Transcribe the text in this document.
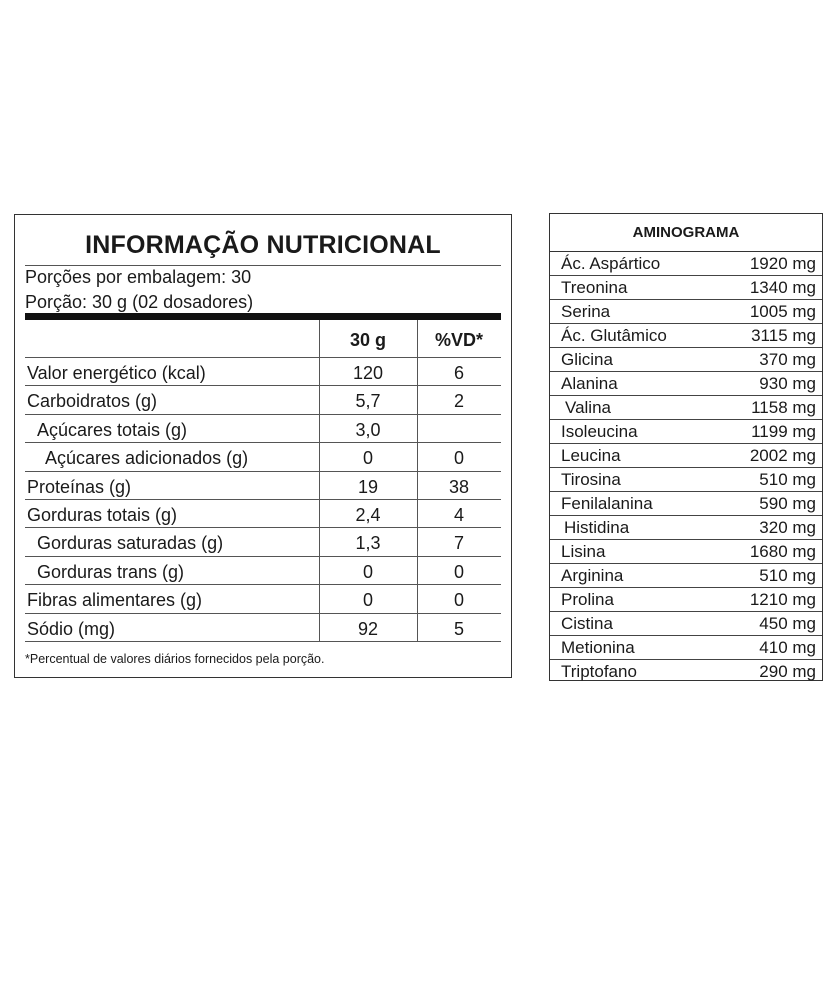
INFORMAÇÃO NUTRICIONAL
Porções por embalagem: 30
Porção: 30 g (02 dosadores)
30 g	%VD*
Valor energético (kcal)	120	6
Carboidratos (g)	5,7	2
Açúcares totais (g)	3,0
Açúcares adicionados (g)	0	0
Proteínas (g)	19	38
Gorduras totais (g)	2,4	4
Gorduras saturadas (g)	1,3	7
Gorduras trans (g)	0	0
Fibras alimentares (g)	0	0
Sódio (mg)	92	5
*Percentual de valores diários fornecidos pela porção.
AMINOGRAMA
Ác. Aspártico	1920 mg
Treonina	1340 mg
Serina	1005 mg
Ác. Glutâmico	3115 mg
Glicina	370 mg
Alanina	930 mg
Valina	1158 mg
Isoleucina	1199 mg
Leucina	2002 mg
Tirosina	510 mg
Fenilalanina	590 mg
Histidina	320 mg
Lisina	1680 mg
Arginina	510 mg
Prolina	1210 mg
Cistina	450 mg
Metionina	410 mg
Triptofano	290 mg
